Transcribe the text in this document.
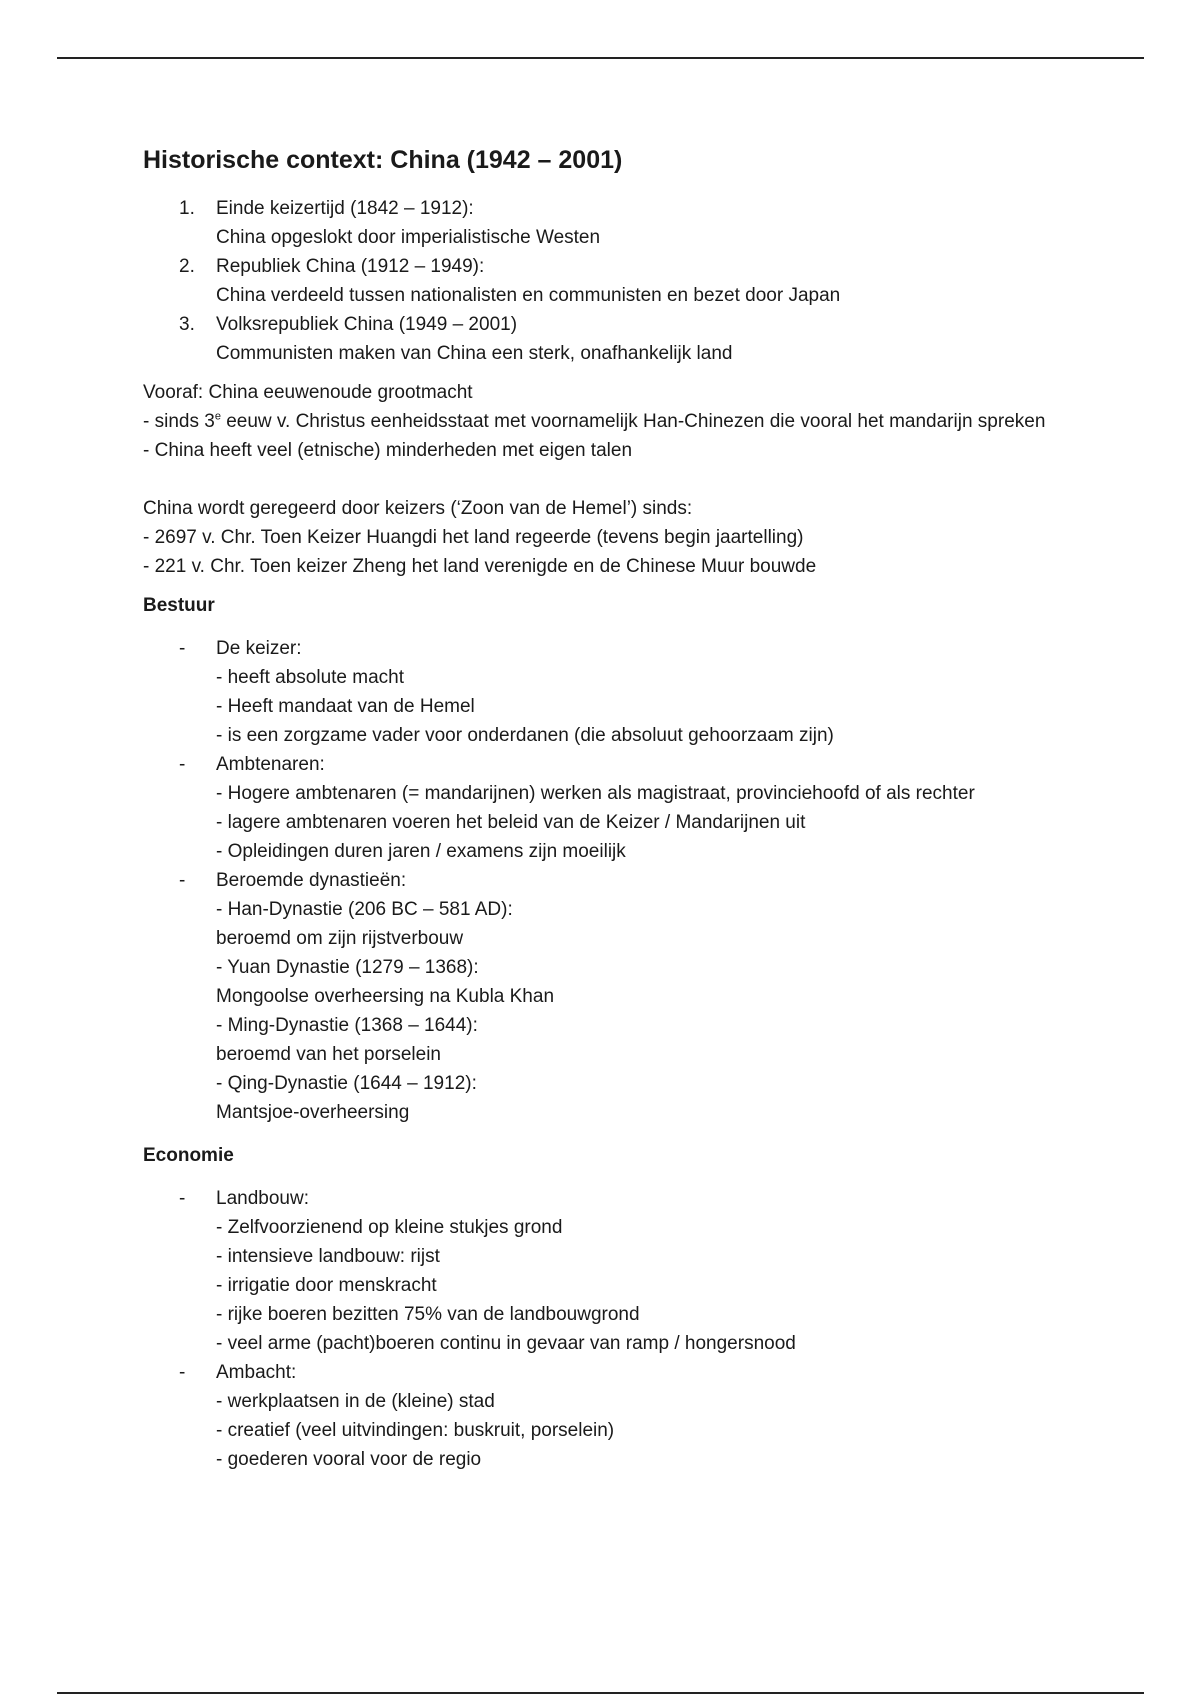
Historische context: China (1942 – 2001)
1. Einde keizertijd (1842 – 1912):
China opgeslokt door imperialistische Westen
2. Republiek China (1912 – 1949):
China verdeeld tussen nationalisten en communisten en bezet door Japan
3. Volksrepubliek China (1949 – 2001)
Communisten maken van China een sterk, onafhankelijk land

Vooraf: China eeuwenoude grootmacht

- sinds 3e eeuw v. Christus eenheidsstaat met voornamelijk Han-Chinezen die vooral het mandarijn spreken

- China heeft veel (etnische) minderheden met eigen talen

China wordt geregeerd door keizers (‘Zoon van de Hemel’) sinds:

- 2697 v. Chr. Toen Keizer Huangdi het land regeerde (tevens begin jaartelling)

- 221 v. Chr. Toen keizer Zheng het land verenigde en de Chinese Muur bouwde

Bestuur
- De keizer:
- heeft absolute macht
- Heeft mandaat van de Hemel
- is een zorgzame vader voor onderdanen (die absoluut gehoorzaam zijn)
- Ambtenaren:
- Hogere ambtenaren (= mandarijnen) werken als magistraat, provinciehoofd of als rechter
- lagere ambtenaren voeren het beleid van de Keizer / Mandarijnen uit
- Opleidingen duren jaren / examens zijn moeilijk
- Beroemde dynastieën:
- Han-Dynastie (206 BC – 581 AD):
beroemd om zijn rijstverbouw
- Yuan Dynastie (1279 – 1368):
Mongoolse overheersing na Kubla Khan
- Ming-Dynastie (1368 – 1644):
beroemd van het porselein
- Qing-Dynastie (1644 – 1912):
Mantsjoe-overheersing
Economie
- Landbouw:
- Zelfvoorzienend op kleine stukjes grond
- intensieve landbouw: rijst
- irrigatie door menskracht
- rijke boeren bezitten 75% van de landbouwgrond
- veel arme (pacht)boeren continu in gevaar van ramp / hongersnood
- Ambacht:
- werkplaatsen in de (kleine) stad
- creatief (veel uitvindingen: buskruit, porselein)
- goederen vooral voor de regio
